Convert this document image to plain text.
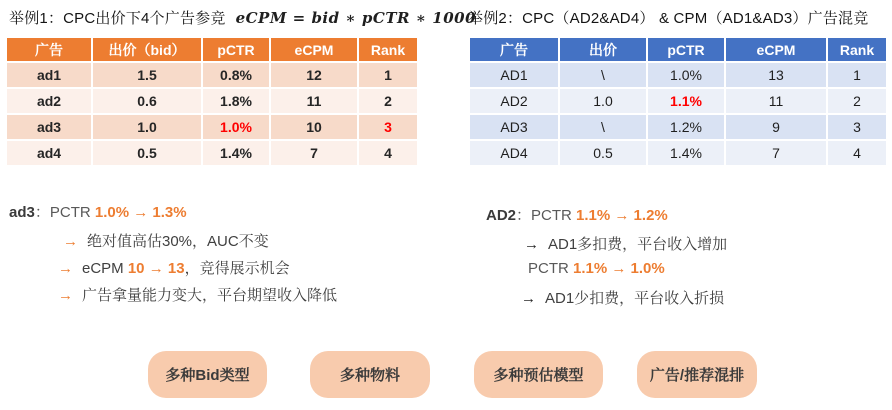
举例1：CPC出价下4个广告参竞 eCPM = bid ∗ pCTR ∗ 1000
举例2：CPC（AD2&AD4） & CPM（AD1&AD3）广告混竞
广告	出价（bid）	pCTR	eCPM	Rank
ad1	1.5	0.8%	12	1
ad2	0.6	1.8%	11	2
ad3	1.0	1.0%	10	3
ad4	0.5	1.4%	7	4
广告	出价	pCTR	eCPM	Rank
AD1	\	1.0%	13	1
AD2	1.0	1.1%	11	2
AD3	\	1.2%	9	3
AD4	0.5	1.4%	7	4
ad3：PCTR 1.0% → 1.3%
→ 绝对值高估30%，AUC不变
→ eCPM 10 → 13，竞得展示机会
→ 广告拿量能力变大，平台期望收入降低
AD2：PCTR 1.1% → 1.2%
→ AD1多扣费，平台收入增加
PCTR 1.1% → 1.0%
→ AD1少扣费，平台收入折损
多种Bid类型	多种物料	多种预估模型	广告/推荐混排
